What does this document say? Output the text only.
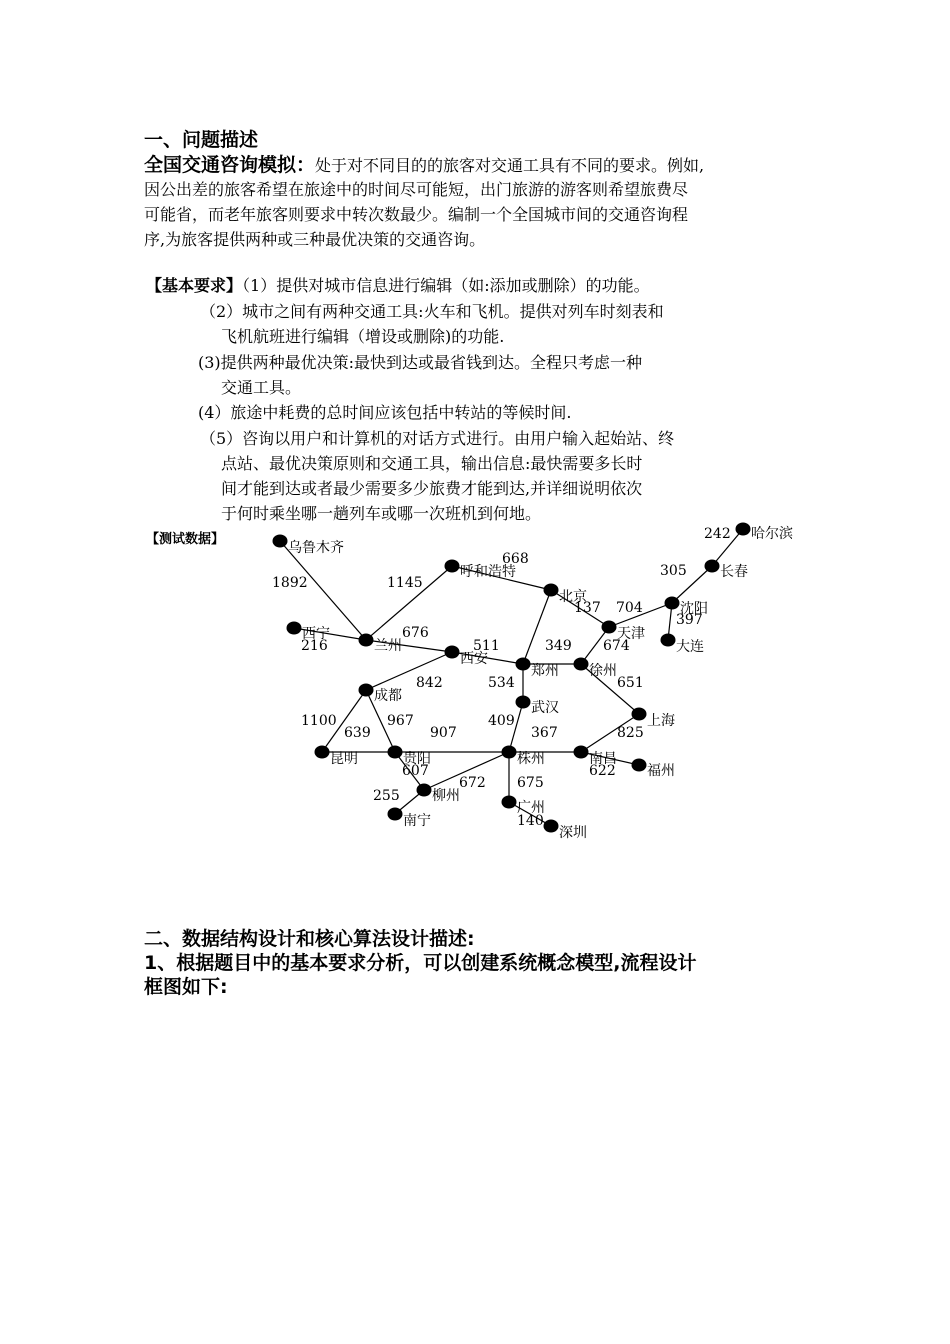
一、问题描述
全国交通咨询模拟：处于对不同目的的旅客对交通工具有不同的要求。例如,
因公出差的旅客希望在旅途中的时间尽可能短，出门旅游的游客则希望旅费尽
可能省，而老年旅客则要求中转次数最少。编制一个全国城市间的交通咨询程
序,为旅客提供两种或三种最优决策的交通咨询。
【基本要求】（1）提供对城市信息进行编辑（如:添加或删除）的功能。
（2）城市之间有两种交通工具:火车和飞机。提供对列车时刻表和
飞机航班进行编辑（增设或删除)的功能.
(3)提供两种最优决策:最快到达或最省钱到达。全程只考虑一种
交通工具。
(4）旅途中耗费的总时间应该包括中转站的等候时间.
（5）咨询以用户和计算机的对话方式进行。由用户输入起始站、终
点站、最优决策原则和交通工具，输出信息:最快需要多长时
间才能到达或者最少需要多少旅费才能到达,并详细说明依次
于何时乘坐哪一趟列车或哪一次班机到何地。
【测试数据】
乌鲁木齐
西宁
兰州
呼和浩特
西安
北京
天津
沈阳
长春
哈尔滨
大连
郑州 徐州
上海
成都
武汉
昆明	贵阳	株州	南昌
福州
柳州
南宁
广州
深圳
1892
216
1145
676
668
511
137 704
305
242
397
349
534
674
651
842
967
1100
639	907
409
367	825
622
607
672 675
255
140
二、数据结构设计和核心算法设计描述:
1、根据题目中的基本要求分析，可以创建系统概念模型,流程设计
框图如下:
